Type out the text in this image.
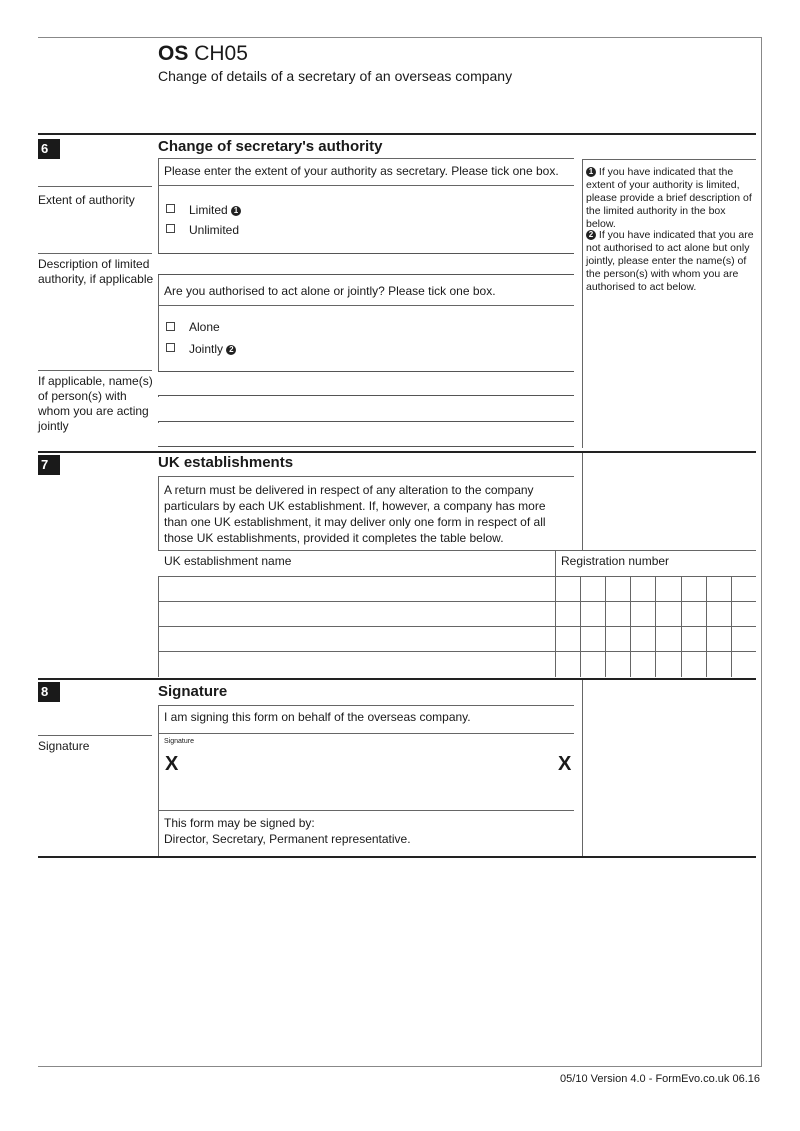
OS CH05
Change of details of a secretary of an overseas company
6	Change of secretary's authority
Please enter the extent of your authority as secretary. Please tick one box.
Extent of authority
Limited 1
Unlimited
Description of limited authority, if applicable
Are you authorised to act alone or jointly? Please tick one box.
Alone
Jointly 2
If applicable, name(s) of person(s) with whom you are acting jointly
1 If you have indicated that the extent of your authority is limited, please provide a brief description of the limited authority in the box below.
2 If you have indicated that you are not authorised to act alone but only jointly, please enter the name(s) of the person(s) with whom you are authorised to act below.
7	UK establishments
A return must be delivered in respect of any alteration to the company particulars by each UK establishment. If, however, a company has more than one UK establishment, it may deliver only one form in respect of all those UK establishments, provided it completes the table below.
UK establishment name	Registration number
8	Signature
I am signing this form on behalf of the overseas company.
Signature	Signature
X	X
This form may be signed by:
Director, Secretary, Permanent representative.
05/10 Version 4.0 - FormEvo.co.uk 06.16
